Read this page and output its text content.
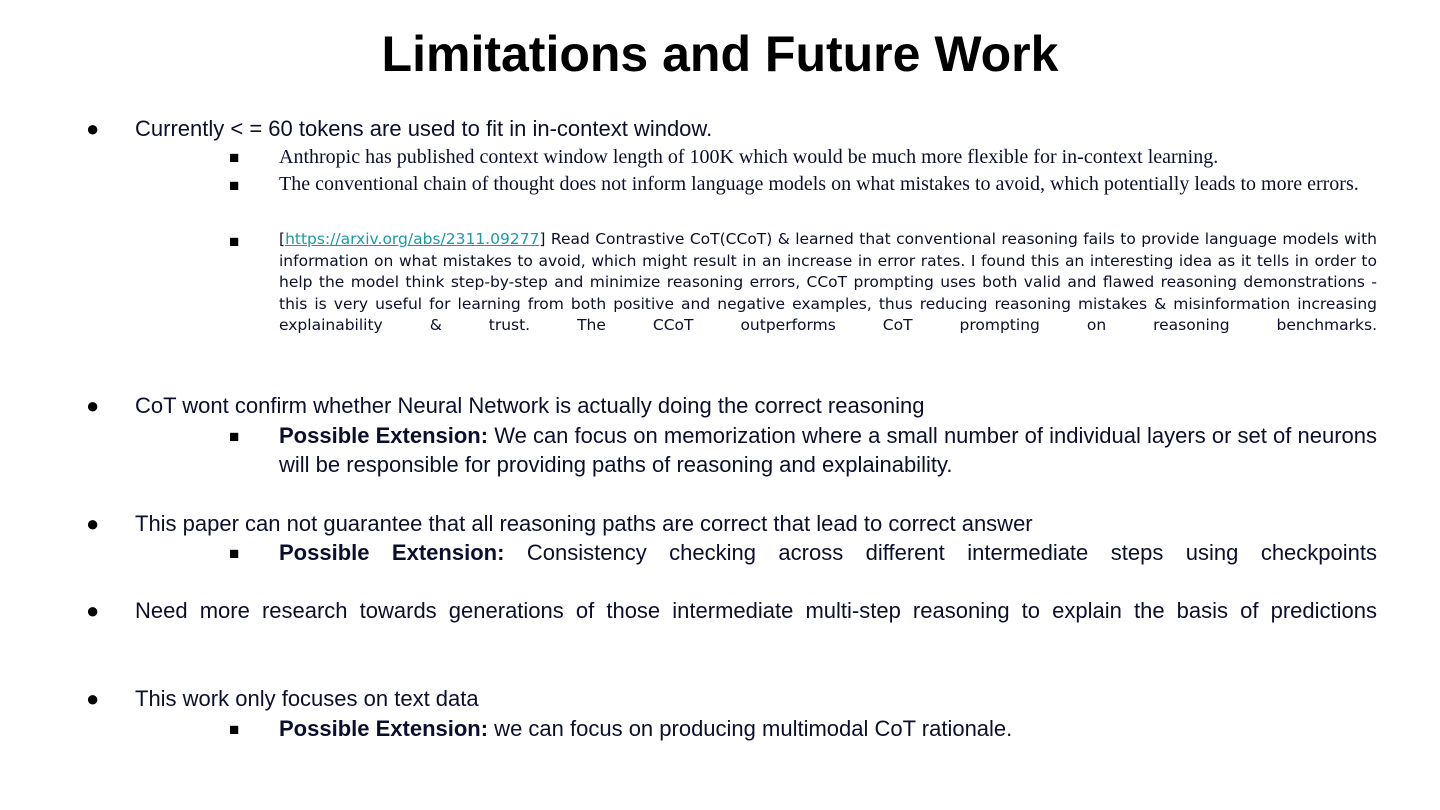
Limitations and Future Work
● Currently < = 60 tokens are used to fit in in-context window.
■ Anthropic has published context window length of 100K which would be much more flexible for in-context learning.
■ The conventional chain of thought does not inform language models on what mistakes to avoid, which potentially leads to more errors.
■	[https://arxiv.org/abs/2311.09277] Read Contrastive CoT(CCoT) & learned that conventional reasoning fails to provide language models with information on what mistakes to avoid, which might result in an increase in error rates. I found this an interesting idea as it tells in order to help the model think step-by-step and minimize reasoning errors, CCoT prompting uses both valid and flawed reasoning demonstrations - this is very useful for learning from both positive and negative examples, thus reducing reasoning mistakes & misinformation increasing explainability & trust. The CCoT outperforms CoT prompting on reasoning benchmarks.
● CoT wont confirm whether Neural Network is actually doing the correct reasoning
■ Possible Extension: We can focus on memorization where a small number of individual layers or set of neurons will be responsible for providing paths of reasoning and explainability.
● This paper can not guarantee that all reasoning paths are correct that lead to correct answer
■ Possible Extension: Consistency checking across different intermediate steps using checkpoints
● Need more research towards generations of those intermediate multi-step reasoning to explain the basis of predictions
● This work only focuses on text data
■ Possible Extension: we can focus on producing multimodal CoT rationale.
